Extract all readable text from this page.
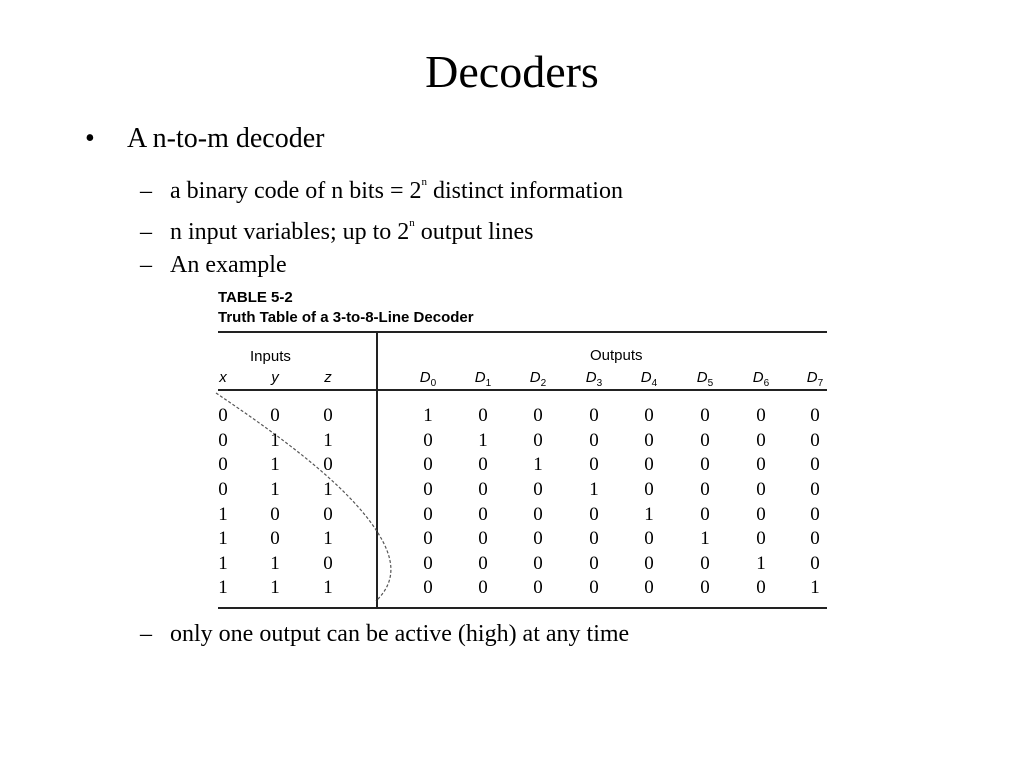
Decoders
• A n-to-m decoder
– a binary code of n bits = $2^n$ distinct information
– n input variables; up to 2$^n$ output lines
– An example
TABLE 5-2
Truth Table of a 3-to-8-Line Decoder
Inputs	Outputs
x	y	z	$D_0$	$D_1$	$D_2$	$D_3$	$D_4$	$D_5$	$D_6$	$D_7$
0	0	0	1	0	0	0	0	0	0	0
0	1	1	0	1	0	0	0	0	0	0
0	1	0	0	0	1	0	0	0	0	0
0	1	1	0	0	0	1	0	0	0	0
1	0	0	0	0	0	0	1	0	0	0
1	0	1	0	0	0	0	0	1	0	0
1	1	0	0	0	0	0	0	0	1	0
1	1	1	0	0	0	0	0	0	0	1
– only one output can be active (high) at any time
